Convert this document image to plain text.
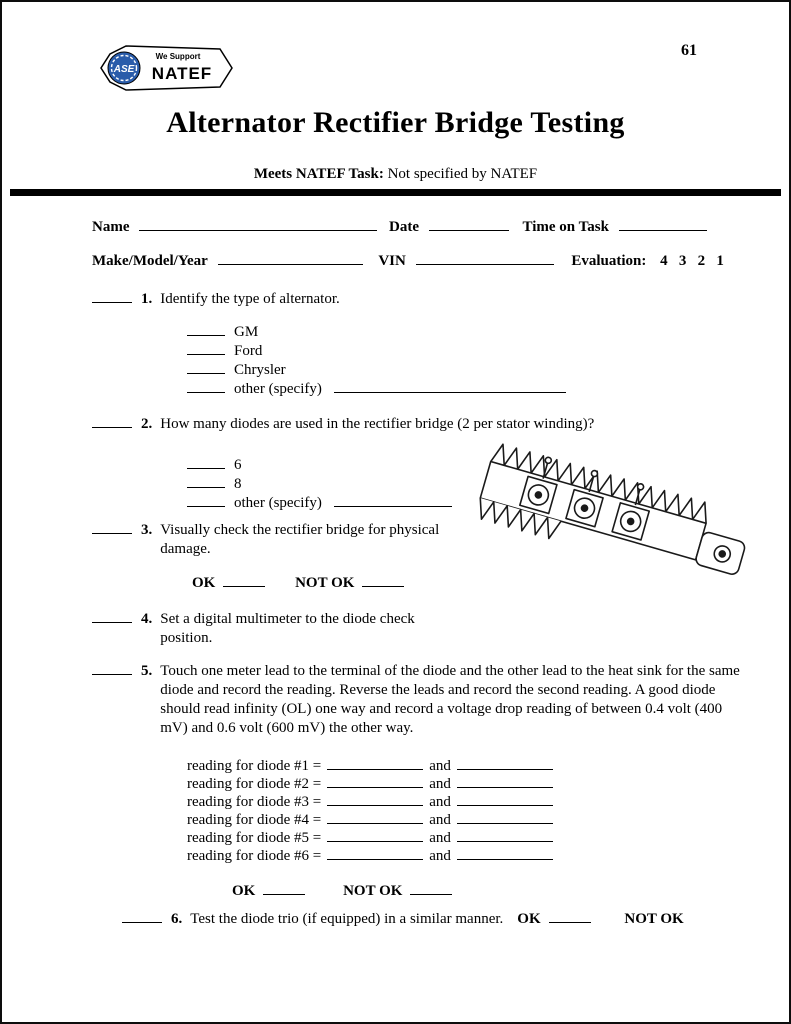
61
We Support
NATEF
ASE
Alternator Rectifier Bridge Testing
Meets NATEF Task: Not specified by NATEF
Name	Date	Time on Task
Make/Model/Year	VIN	Evaluation: 4   3   2   1
1. Identify the type of alternator.
GM
Ford
Chrysler
other (specify)
2. How many diodes are used in the rectifier bridge (2 per stator winding)?
6
8
other (specify)
3. Visually check the rectifier bridge for physical damage.
OK	NOT OK
4. Set a digital multimeter to the diode check position.
5. Touch one meter lead to the terminal of the diode and the other lead to the heat sink for the same diode and record the reading. Reverse the leads and record the second reading. A good diode should read infinity (OL) one way and record a voltage drop reading of between 0.4 volt (400 mV) and 0.6 volt (600 mV) the other way.
reading for diode #1 =	and
reading for diode #2 =	and
reading for diode #3 =	and
reading for diode #4 =	and
reading for diode #5 =	and
reading for diode #6 =	and
OK	NOT OK
6. Test the diode trio (if equipped) in a similar manner. OK	NOT OK
